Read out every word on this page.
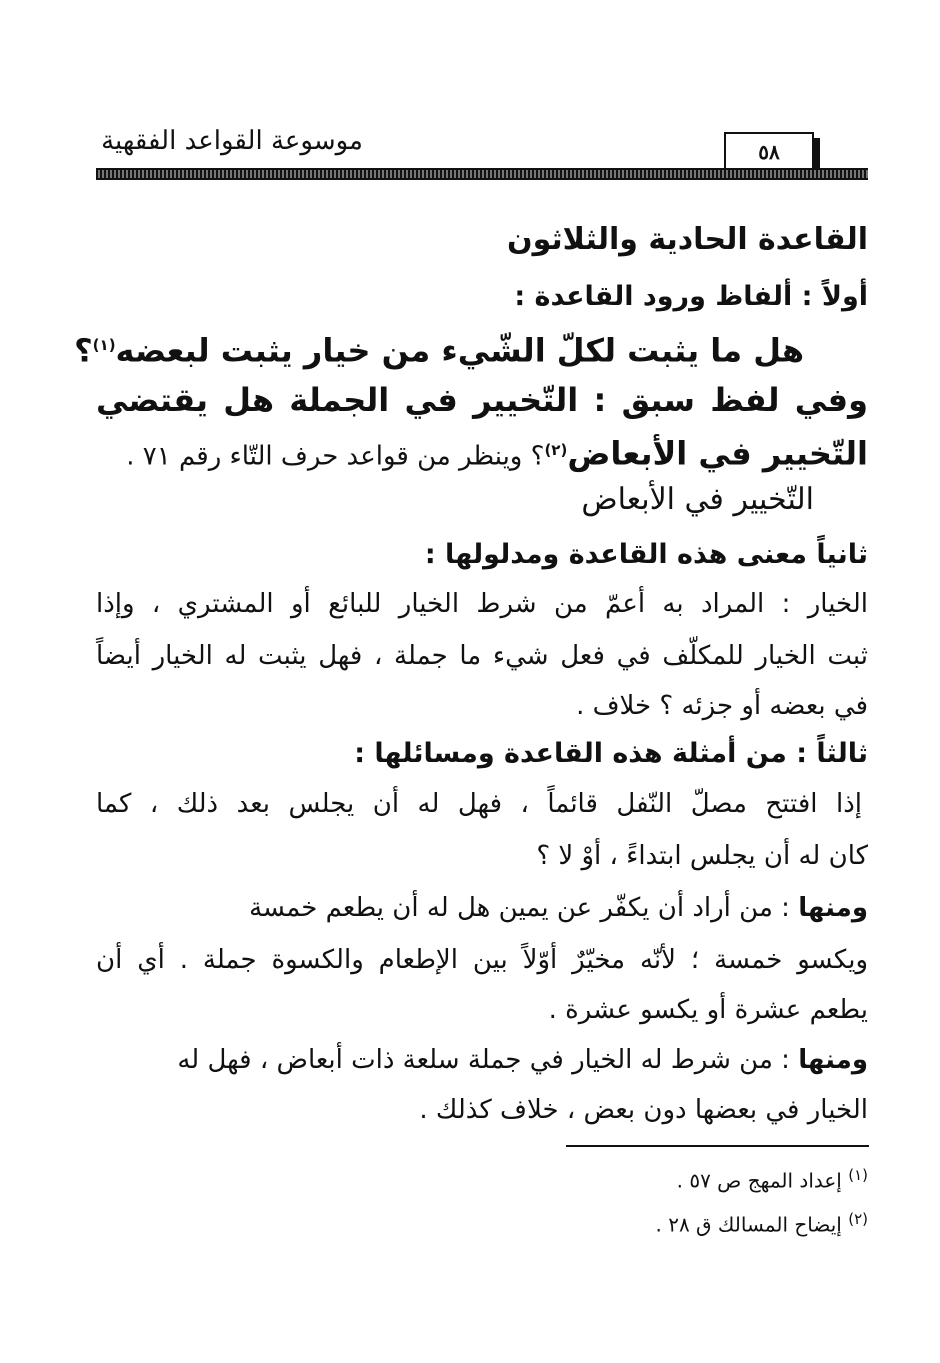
موسوعة القواعد الفقهية	٥٨
القاعدة الحادية والثلاثون
أولاً : ألفاظ ورود القاعدة :
هل ما يثبت لكلّ الشّيء من خيار يثبت لبعضه$^{(١)}$؟
وفي لفظ سبق : التّخيير في الجملة هل يقتضي
التّخيير في الأبعاض$^{(٢)}$؟ وينظر من قواعد حرف التّاء رقم ٧١ .
التّخيير في الأبعاض
ثانياً معنى هذه القاعدة ومدلولها :
الخيار : المراد به أعمّ من شرط الخيار للبائع أو المشتري ، وإذا
ثبت الخيار للمكلّف في فعل شيء ما جملة ، فهل يثبت له الخيار أيضاً
في بعضه أو جزئه ؟ خلاف .
ثالثاً : من أمثلة هذه القاعدة ومسائلها :
إذا افتتح مصلّ النّفل قائماً ، فهل له أن يجلس بعد ذلك ، كما
كان له أن يجلس ابتداءً ، أوْ لا ؟
ومنها : من أراد أن يكفّر عن يمين هل له أن يطعم خمسة
ويكسو خمسة ؛ لأنّه مخيّرٌ أوّلاً بين الإطعام والكسوة جملة . أي أن
يطعم عشرة أو يكسو عشرة .
ومنها : من شرط له الخيار في جملة سلعة ذات أبعاض ، فهل له
الخيار في بعضها دون بعض ، خلاف كذلك .
$^{(١)}$ إعداد المهج ص ٥٧ .
$^{(٢)}$ إيضاح المسالك ق ٢٨ .
